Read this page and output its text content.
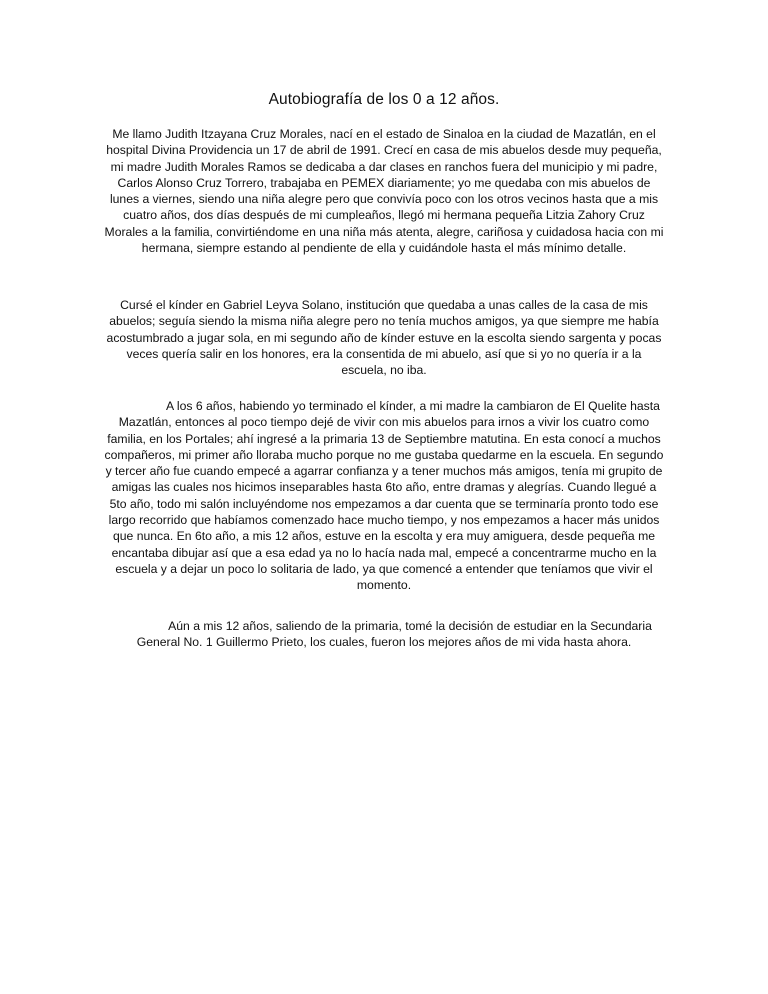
Autobiografía de los 0 a 12 años.

Me llamo Judith Itzayana Cruz Morales, nací en el estado de Sinaloa en la ciudad de Mazatlán, en el hospital Divina Providencia un 17 de abril de 1991. Crecí en casa de mis abuelos desde muy pequeña, mi madre Judith Morales Ramos se dedicaba a dar clases en ranchos fuera del municipio y mi padre, Carlos Alonso Cruz Torrero, trabajaba en PEMEX diariamente; yo me quedaba con mis abuelos de lunes a viernes, siendo una niña alegre pero que convivía poco con los otros vecinos hasta que a mis cuatro años, dos días después de mi cumpleaños, llegó mi hermana pequeña Litzia Zahory Cruz Morales a la familia, convirtiéndome en una niña más atenta, alegre, cariñosa y cuidadosa hacia con mi hermana, siempre estando al pendiente de ella y cuidándole hasta el más mínimo detalle.

Cursé el kínder en Gabriel Leyva Solano, institución que quedaba a unas calles de la casa de mis abuelos; seguía siendo la misma niña alegre pero no tenía muchos amigos, ya que siempre me había acostumbrado a jugar sola, en mi segundo año de kínder estuve en la escolta siendo sargenta y pocas veces quería salir en los honores, era la consentida de mi abuelo, así que si yo no quería ir a la escuela, no iba.

A los 6 años, habiendo yo terminado el kínder, a mi madre la cambiaron de El Quelite hasta Mazatlán, entonces al poco tiempo dejé de vivir con mis abuelos para irnos a vivir los cuatro como familia, en los Portales; ahí ingresé a la primaria 13 de Septiembre matutina. En esta conocí a muchos compañeros, mi primer año lloraba mucho porque no me gustaba quedarme en la escuela. En segundo y tercer año fue cuando empecé a agarrar confianza y a tener muchos más amigos, tenía mi grupito de amigas las cuales nos hicimos inseparables hasta 6to año, entre dramas y alegrías. Cuando llegué a 5to año, todo mi salón incluyéndome nos empezamos a dar cuenta que se terminaría pronto todo ese largo recorrido que habíamos comenzado hace mucho tiempo, y nos empezamos a hacer más unidos que nunca. En 6to año, a mis 12 años, estuve en la escolta y era muy amiguera, desde pequeña me encantaba dibujar así que a esa edad ya no lo hacía nada mal, empecé a concentrarme mucho en la escuela y a dejar un poco lo solitaria de lado, ya que comencé a entender que teníamos que vivir el momento.

Aún a mis 12 años, saliendo de la primaria, tomé la decisión de estudiar en la Secundaria General No. 1 Guillermo Prieto, los cuales, fueron los mejores años de mi vida hasta ahora.
